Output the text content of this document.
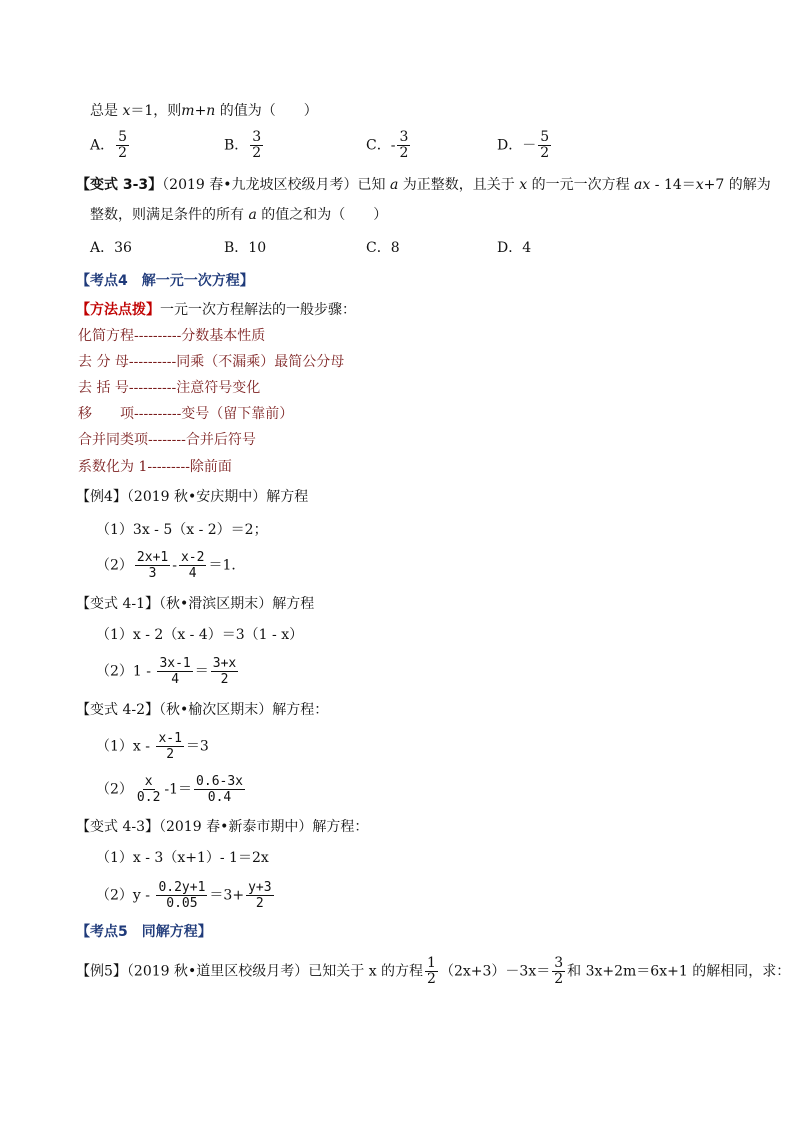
总是 x＝1，则m+n 的值为（　　）
A． $\frac{5}{2}$	B． $\frac{3}{2}$	C．- $\frac{3}{2}$	D．－ $\frac{5}{2}$
【变式 3-3】（2019 春•九龙坡区校级月考）已知 a 为正整数，且关于 x 的一元一次方程 ax - 14＝x+7 的解为
整数，则满足条件的所有 a 的值之和为（　　）
A．36	B．10	C．8	D．4
【考点4　解一元一次方程】
【方法点拨】一元一次方程解法的一般步骤：
化简方程----------分数基本性质
去 分 母----------同乘（不漏乘）最简公分母
去 括 号----------注意符号变化
移　　项----------变号（留下靠前）
合并同类项--------合并后符号
系数化为 1---------除前面
【例4】（2019 秋•安庆期中）解方程
（1）3x - 5（x - 2）＝2；
$(2) \frac{2x+1}{3} - \frac{x-2}{4} =1$．
【变式 4-1】（秋•滑滨区期末）解方程
（1）x - 2（x - 4）＝3（1 - x）
$(2)1 - \frac{3x-1}{4} = \frac{3+x}{2}$
【变式 4-2】（秋•榆次区期末）解方程：
$(1)x - \frac{x-1}{2} =3$
$(2) \frac{x}{0.2} -1= \frac{0.6-3x}{0.4}$
【变式 4-3】（2019 春•新泰市期中）解方程：
（1）x - 3（x+1）- 1＝2x
$(2)y - \frac{0.2y+1}{0.05} =3+ \frac{y+3}{2}$
【考点5　同解方程】
【例5】（2019 秋•道里区校级月考）已知关于 x 的方程 $\frac{1}{2} (2x+3)-3x= \frac{3}{2}$ 和 3x+2m＝6x+1 的解相同，求：
